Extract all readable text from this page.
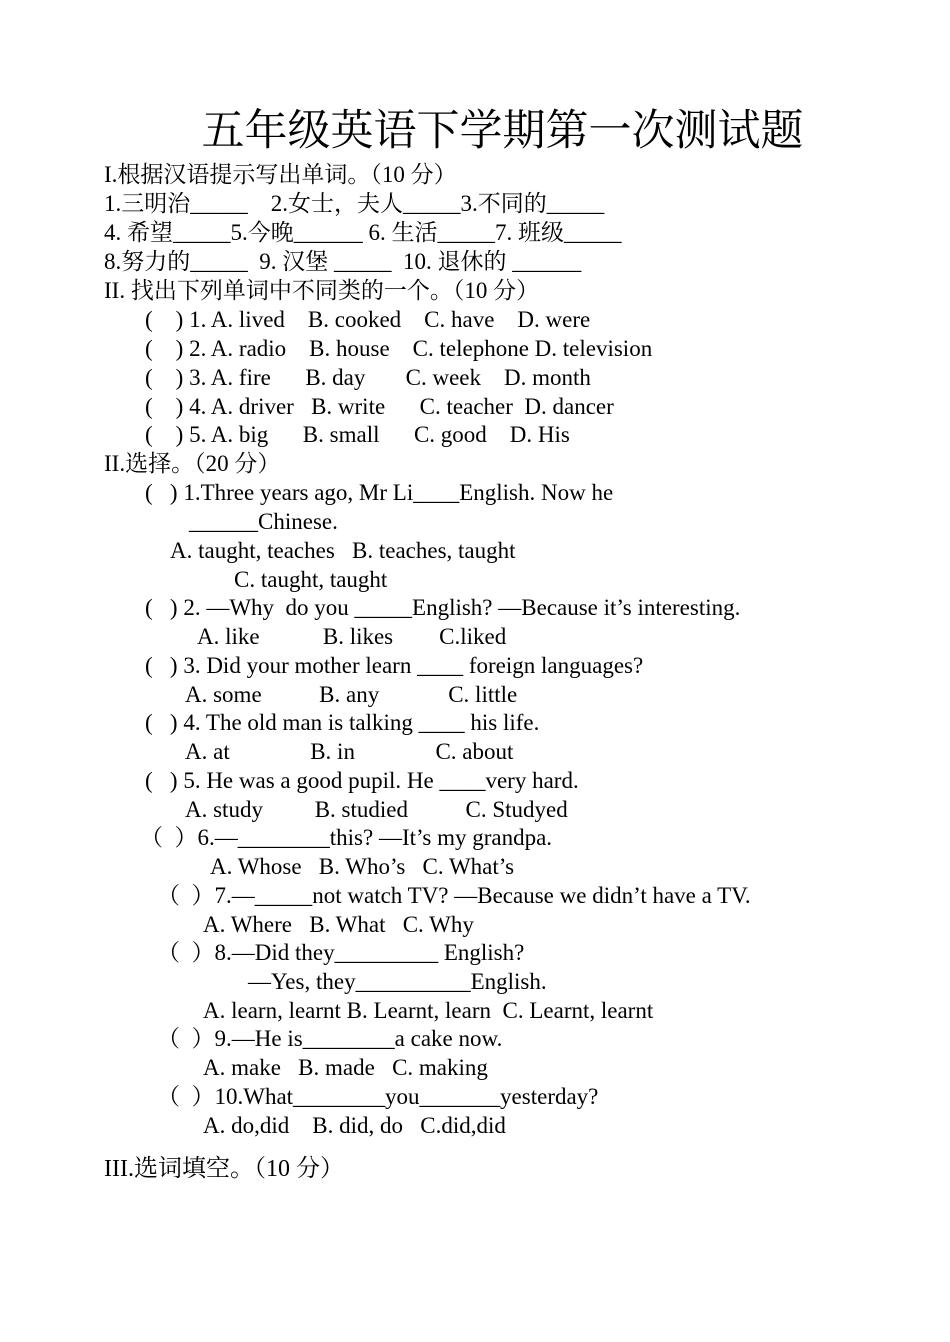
五年级英语下学期第一次测试题
I.根据汉语提示写出单词。（10 分）
1.三明治_____    2.女士，夫人_____3.不同的_____
4. 希望_____5.今晚______ 6. 生活_____7. 班级_____
8.努力的_____  9. 汉堡 _____  10. 退休的 ______
II. 找出下列单词中不同类的一个。（10 分）
(    ) 1. A. lived    B. cooked    C. have    D. were
(    ) 2. A. radio    B. house    C. telephone D. television
(    ) 3. A. fire      B. day       C. week    D. month
(    ) 4. A. driver   B. write      C. teacher  D. dancer
(    ) 5. A. big      B. small      C. good    D. His
II.选择。（20 分）
(   ) 1.Three years ago, Mr Li____English. Now he
______Chinese.
A. taught, teaches   B. teaches, taught
C. taught, taught
(   ) 2. —Why  do you _____English? —Because it’s interesting.
A. like           B. likes        C.liked
(   ) 3. Did your mother learn ____ foreign languages?
A. some          B. any            C. little
(   ) 4. The old man is talking ____ his life.
A. at              B. in              C. about
(   ) 5. He was a good pupil. He ____very hard.
A. study         B. studied          C. Studyed
（  ）6.—________this? —It’s my grandpa.
A. Whose   B. Who’s   C. What’s
（  ）7.—_____not watch TV? —Because we didn’t have a TV.
A. Where   B. What   C. Why
（  ）8.—Did they_________ English?
—Yes, they__________English.
A. learn, learnt B. Learnt, learn  C. Learnt, learnt
（  ）9.—He is________a cake now.
A. make   B. made   C. making
（  ）10.What________you_______yesterday?
A. do,did    B. did, do   C.did,did
III.选词填空。（10 分）
